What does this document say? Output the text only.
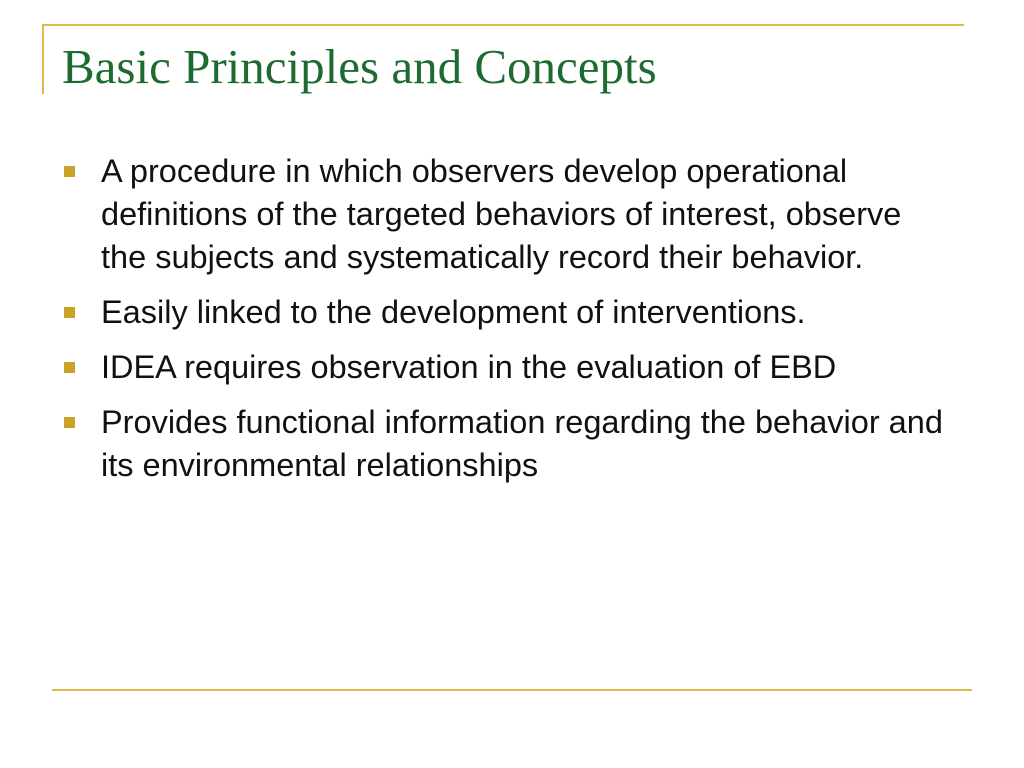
Basic Principles and Concepts
A procedure in which observers develop operational definitions of the targeted behaviors of interest, observe the subjects and systematically record their behavior.
Easily linked to the development of interventions.
IDEA requires observation in the evaluation of EBD
Provides functional information regarding the behavior and its environmental relationships
